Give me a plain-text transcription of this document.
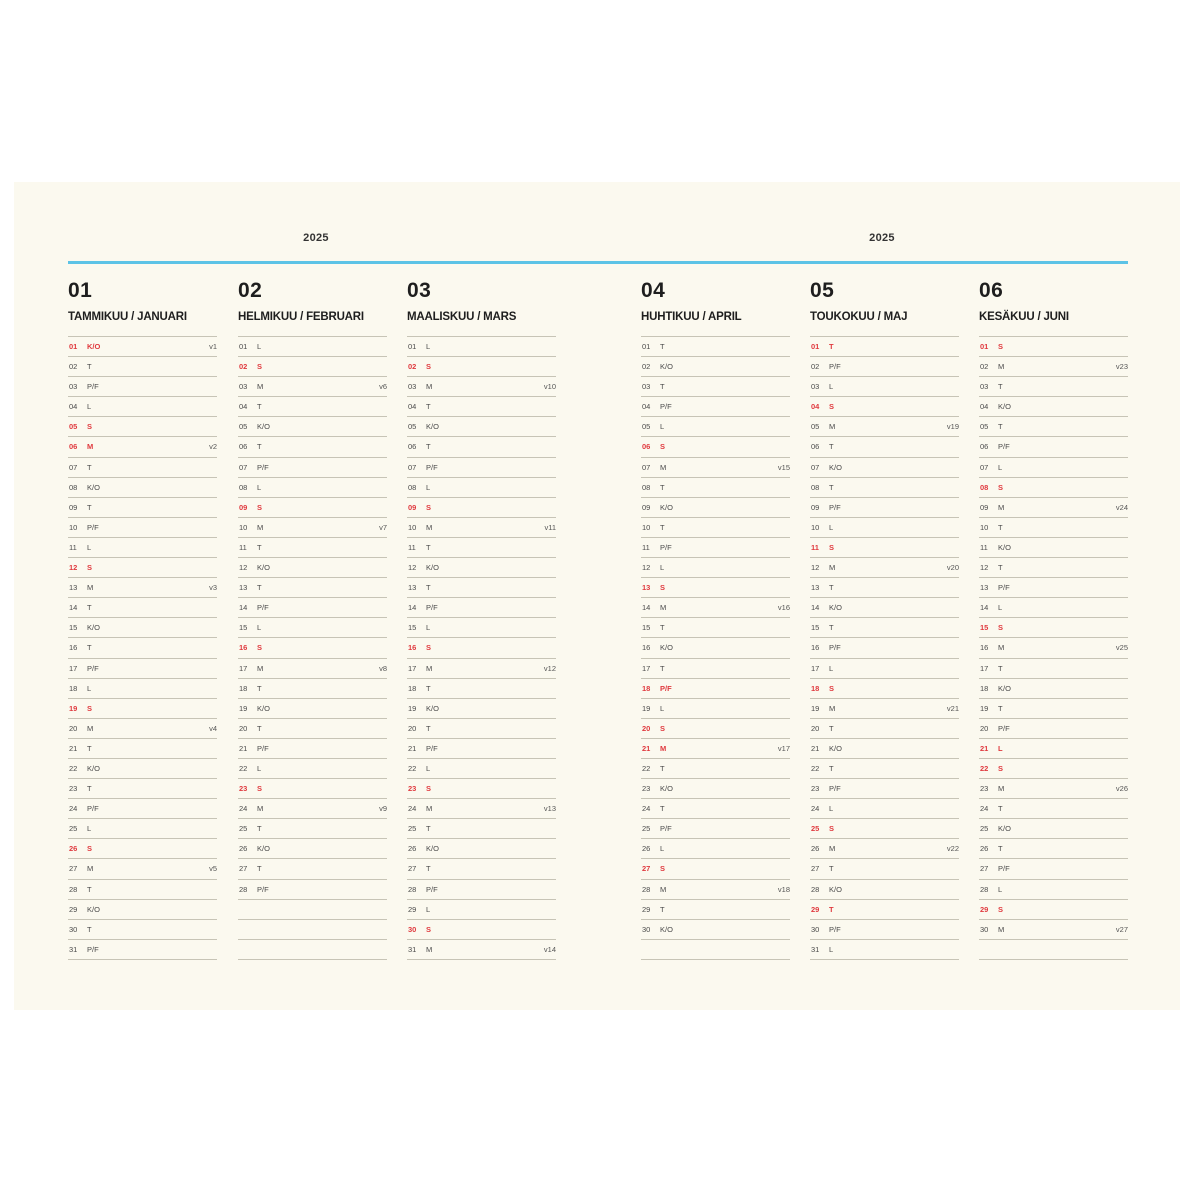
2025	2025
01
TAMMIKUU / JANUARI
01 K/O	v1
02 T
03 P/F
04 L
05 S
06 M	v2
07 T
08 K/O
09 T
10 P/F
11 L
12 S
13 M	v3
14 T
15 K/O
16 T
17 P/F
18 L
19 S
20 M	v4
21 T
22 K/O
23 T
24 P/F
25 L
26 S
27 M	v5
28 T
29 K/O
30 T
31 P/F
02
HELMIKUU / FEBRUARI
01 L
02 S
03 M	v6
04 T
05 K/O
06 T
07 P/F
08 L
09 S
10 M	v7
11 T
12 K/O
13 T
14 P/F
15 L
16 S
17 M	v8
18 T
19 K/O
20 T
21 P/F
22 L
23 S
24 M	v9
25 T
26 K/O
27 T
28 P/F
03
MAALISKUU / MARS
01 L
02 S
03 M	v10
04 T
05 K/O
06 T
07 P/F
08 L
09 S
10 M	v11
11 T
12 K/O
13 T
14 P/F
15 L
16 S
17 M	v12
18 T
19 K/O
20 T
21 P/F
22 L
23 S
24 M	v13
25 T
26 K/O
27 T
28 P/F
29 L
30 S
31 M	v14
04
HUHTIKUU / APRIL
01 T
02 K/O
03 T
04 P/F
05 L
06 S
07 M	v15
08 T
09 K/O
10 T
11 P/F
12 L
13 S
14 M	v16
15 T
16 K/O
17 T
18 P/F
19 L
20 S
21 M	v17
22 T
23 K/O
24 T
25 P/F
26 L
27 S
28 M	v18
29 T
30 K/O
05
TOUKOKUU / MAJ
01 T
02 P/F
03 L
04 S
05 M	v19
06 T
07 K/O
08 T
09 P/F
10 L
11 S
12 M	v20
13 T
14 K/O
15 T
16 P/F
17 L
18 S
19 M	v21
20 T
21 K/O
22 T
23 P/F
24 L
25 S
26 M	v22
27 T
28 K/O
29 T
30 P/F
31 L
06
KESÄKUU / JUNI
01 S
02 M	v23
03 T
04 K/O
05 T
06 P/F
07 L
08 S
09 M	v24
10 T
11 K/O
12 T
13 P/F
14 L
15 S
16 M	v25
17 T
18 K/O
19 T
20 P/F
21 L
22 S
23 M	v26
24 T
25 K/O
26 T
27 P/F
28 L
29 S
30 M	v27
